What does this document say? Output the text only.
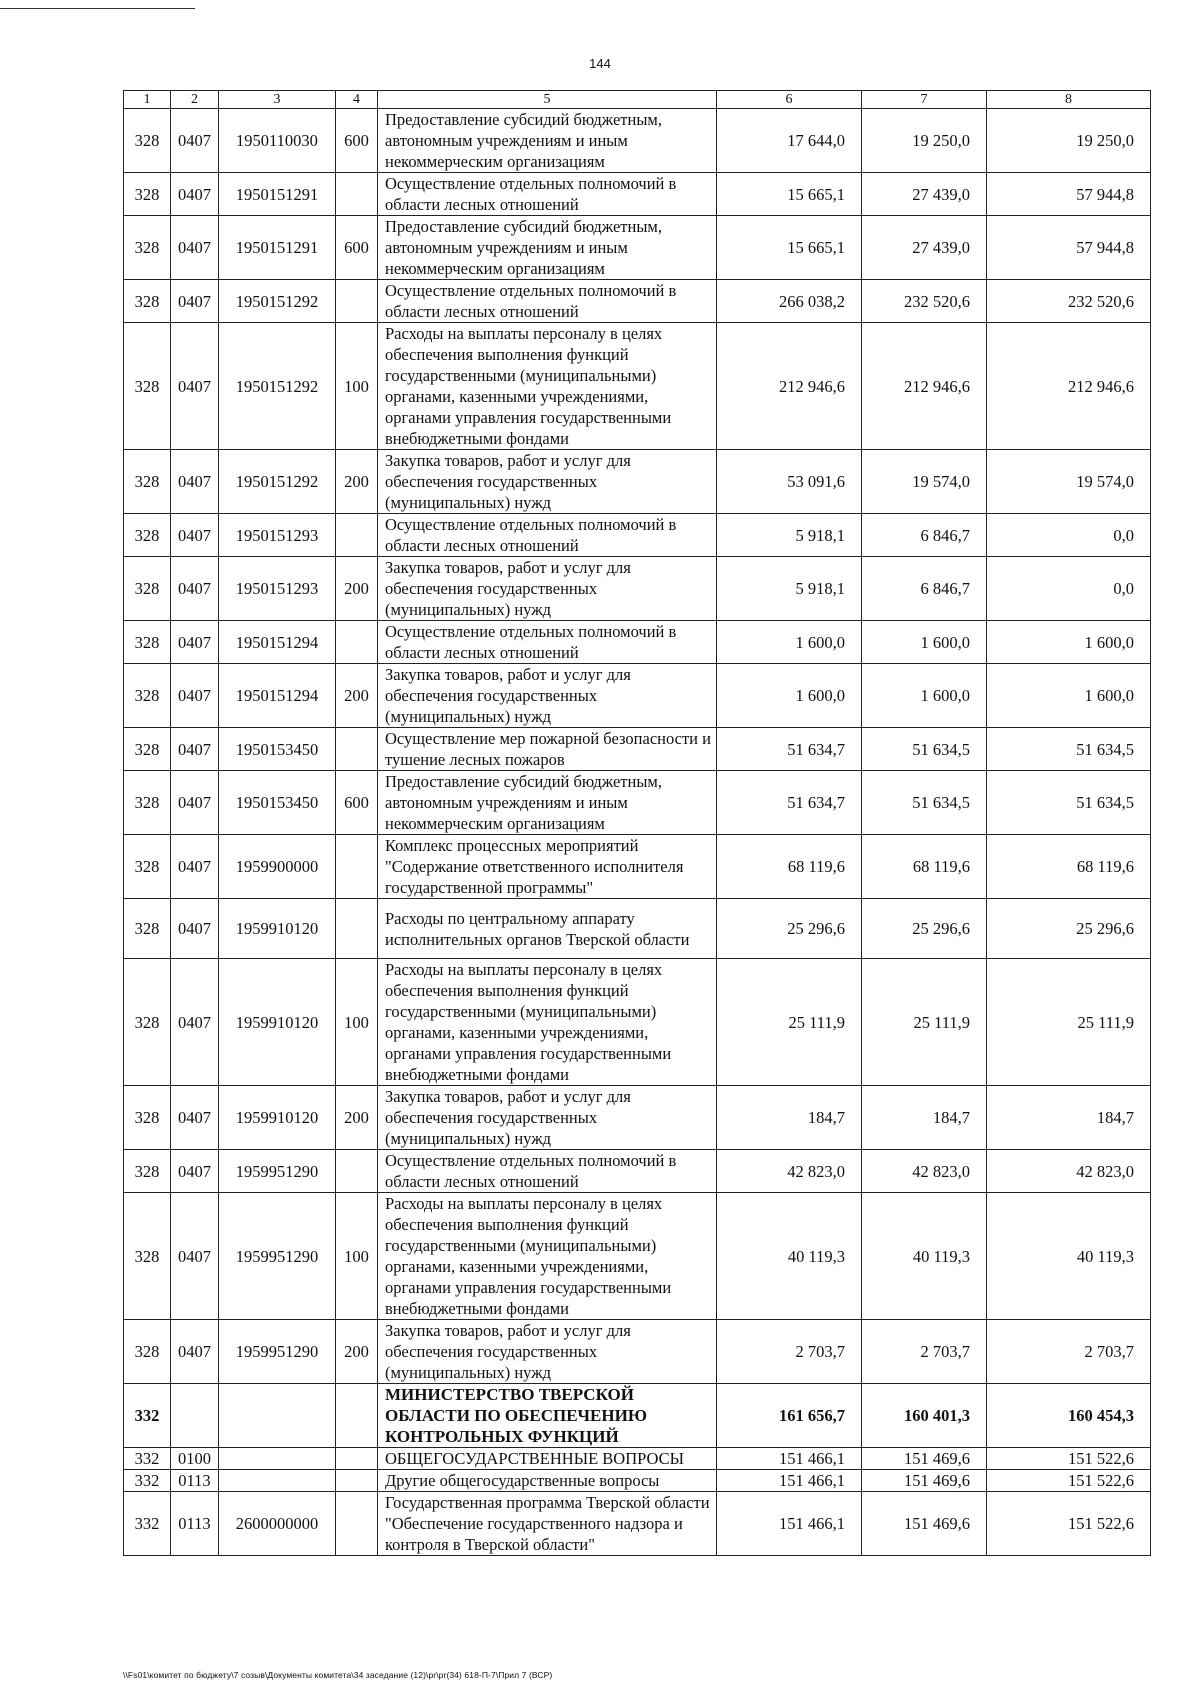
144
1	2	3	4	5	6	7	8
328	0407	1950110030	600	Предоставление субсидий бюджетным, автономным учреждениям и иным некоммерческим организациям	17 644,0	19 250,0	19 250,0
328	0407	1950151291		Осуществление отдельных полномочий в области лесных отношений	15 665,1	27 439,0	57 944,8
328	0407	1950151291	600	Предоставление субсидий бюджетным, автономным учреждениям и иным некоммерческим организациям	15 665,1	27 439,0	57 944,8
328	0407	1950151292		Осуществление отдельных полномочий в области лесных отношений	266 038,2	232 520,6	232 520,6
328	0407	1950151292	100	Расходы на выплаты персоналу в целях обеспечения выполнения функций государственными (муниципальными) органами, казенными учреждениями, органами управления государственными внебюджетными фондами	212 946,6	212 946,6	212 946,6
328	0407	1950151292	200	Закупка товаров, работ и услуг для обеспечения государственных (муниципальных) нужд	53 091,6	19 574,0	19 574,0
328	0407	1950151293		Осуществление отдельных полномочий в области лесных отношений	5 918,1	6 846,7	0,0
328	0407	1950151293	200	Закупка товаров, работ и услуг для обеспечения государственных (муниципальных) нужд	5 918,1	6 846,7	0,0
328	0407	1950151294		Осуществление отдельных полномочий в области лесных отношений	1 600,0	1 600,0	1 600,0
328	0407	1950151294	200	Закупка товаров, работ и услуг для обеспечения государственных (муниципальных) нужд	1 600,0	1 600,0	1 600,0
328	0407	1950153450		Осуществление мер пожарной безопасности и тушение лесных пожаров	51 634,7	51 634,5	51 634,5
328	0407	1950153450	600	Предоставление субсидий бюджетным, автономным учреждениям и иным некоммерческим организациям	51 634,7	51 634,5	51 634,5
328	0407	1959900000		Комплекс процессных мероприятий "Содержание ответственного исполнителя государственной программы"	68 119,6	68 119,6	68 119,6
328	0407	1959910120		Расходы по центральному аппарату исполнительных органов Тверской области	25 296,6	25 296,6	25 296,6
328	0407	1959910120	100	Расходы на выплаты персоналу в целях обеспечения выполнения функций государственными (муниципальными) органами, казенными учреждениями, органами управления государственными внебюджетными фондами	25 111,9	25 111,9	25 111,9
328	0407	1959910120	200	Закупка товаров, работ и услуг для обеспечения государственных (муниципальных) нужд	184,7	184,7	184,7
328	0407	1959951290		Осуществление отдельных полномочий в области лесных отношений	42 823,0	42 823,0	42 823,0
328	0407	1959951290	100	Расходы на выплаты персоналу в целях обеспечения выполнения функций государственными (муниципальными) органами, казенными учреждениями, органами управления государственными внебюджетными фондами	40 119,3	40 119,3	40 119,3
328	0407	1959951290	200	Закупка товаров, работ и услуг для обеспечения государственных (муниципальных) нужд	2 703,7	2 703,7	2 703,7
332				МИНИСТЕРСТВО ТВЕРСКОЙ ОБЛАСТИ ПО ОБЕСПЕЧЕНИЮ КОНТРОЛЬНЫХ ФУНКЦИЙ	161 656,7	160 401,3	160 454,3
332	0100			ОБЩЕГОСУДАРСТВЕННЫЕ ВОПРОСЫ	151 466,1	151 469,6	151 522,6
332	0113			Другие общегосударственные вопросы	151 466,1	151 469,6	151 522,6
332	0113	2600000000		Государственная программа Тверской области "Обеспечение государственного надзора и контроля в Тверской области"	151 466,1	151 469,6	151 522,6
\\Fs01\комитет по бюджету\7 созыв\Документы комитета\34 заседание (12)\pr\pr(34) 618-П-7\Прил 7 (ВСР)
